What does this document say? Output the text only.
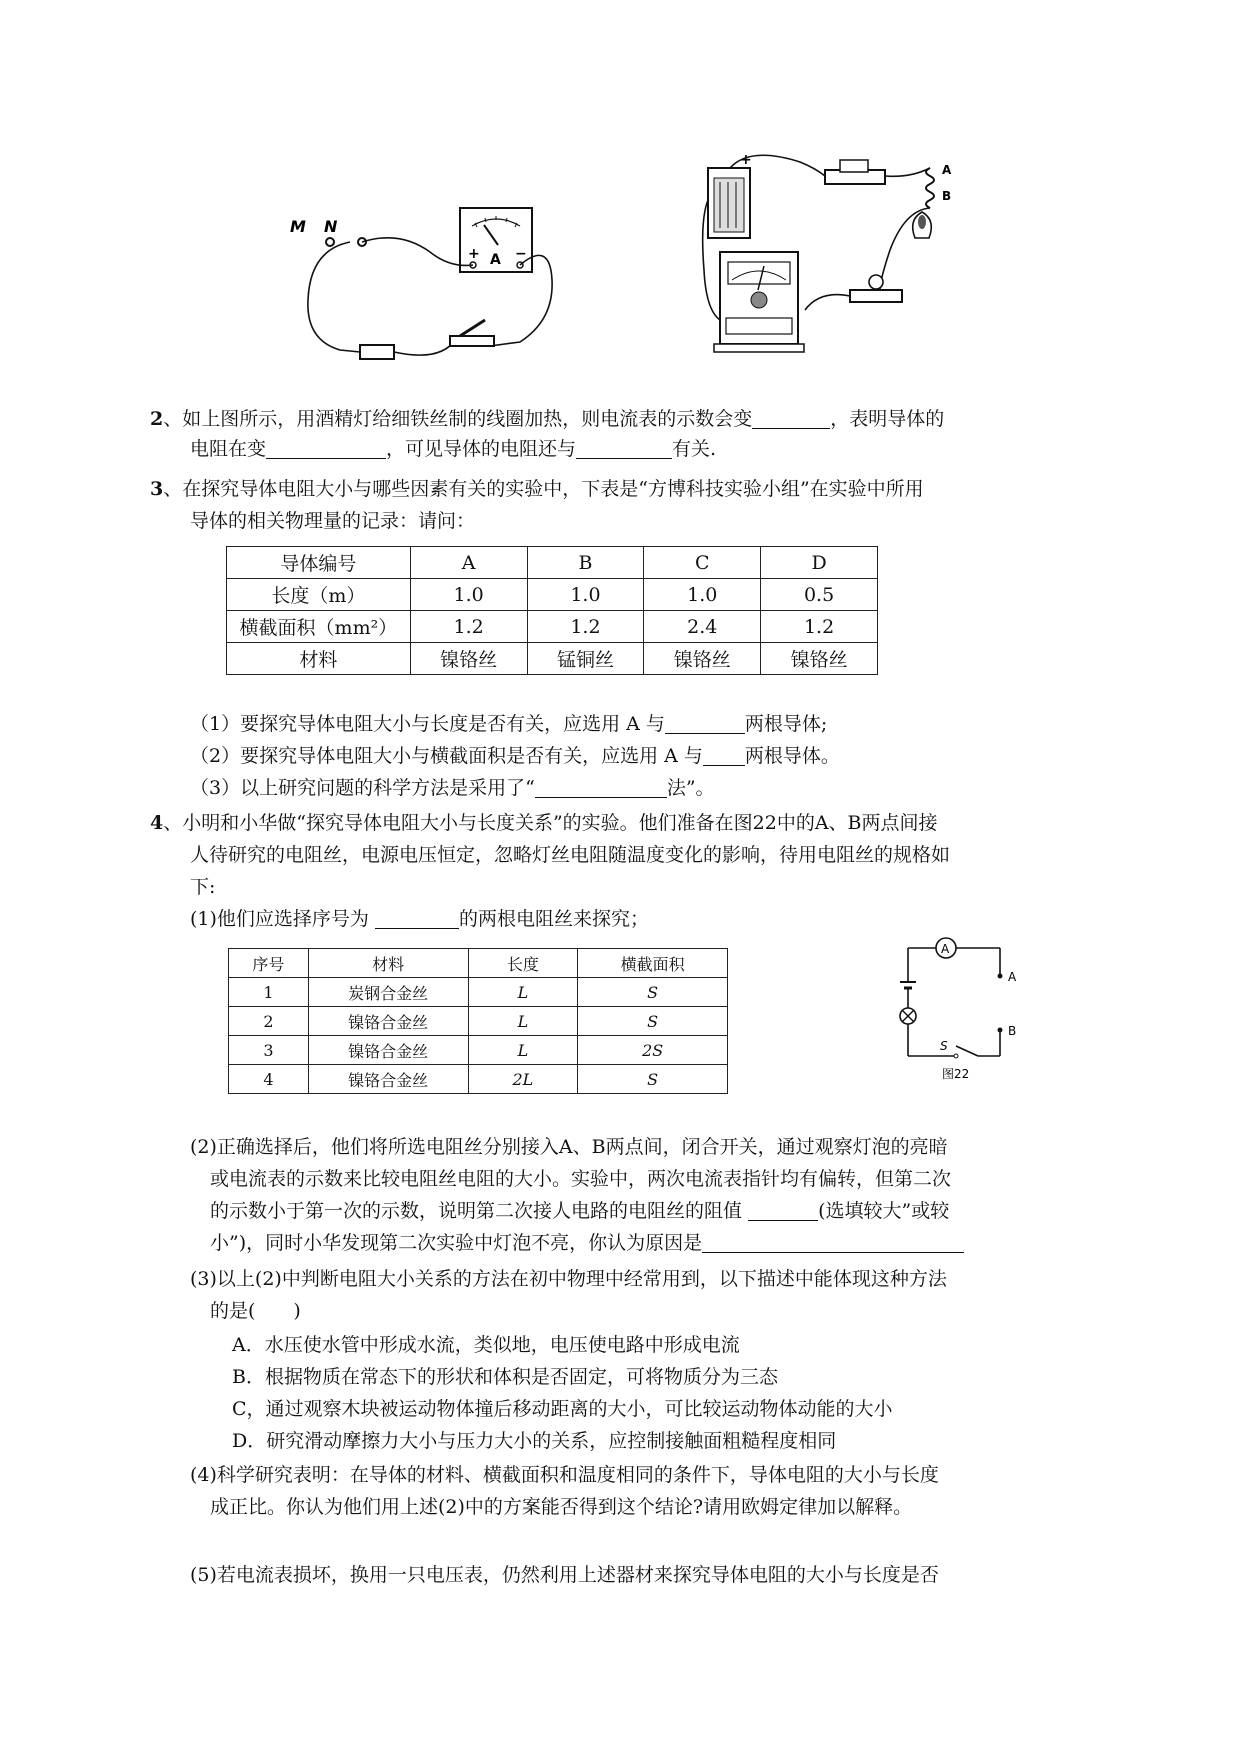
M N
+ A −
+
A
B
2、如上图所示，用酒精灯给细铁丝制的线圈加热，则电流表的示数会变	，表明导体的
电阻在变	，可见导体的电阻还与	有关.
3、在探究导体电阻大小与哪些因素有关的实验中，下表是“方博科技实验小组”在实验中所用
导体的相关物理量的记录：请问：
导体编号	A	B	C	D
长度（m）	1.0	1.0	1.0	0.5
横截面积（mm²）	1.2	1.2	2.4	1.2
材料	镍铬丝	锰铜丝	镍铬丝	镍铬丝
（1）要探究导体电阻大小与长度是否有关，应选用 A 与	两根导体;
（2）要探究导体电阻大小与横截面积是否有关，应选用 A 与 两根导体。
（3）以上研究问题的科学方法是采用了“	法”。
4、小明和小华做“探究导体电阻大小与长度关系”的实验。他们准备在图22中的A、B两点间接
人待研究的电阻丝，电源电压恒定，忽略灯丝电阻随温度变化的影响，待用电阻丝的规格如
下:
(1)他们应选择序号为	的两根电阻丝来探究；
序号	材料	长度	横截面积
1	炭钢合金丝	L	S
2	镍铬合金丝	L	S
3	镍铬合金丝	L	2S
4	镍铬合金丝	2L	S
A
A
B
S
图22
(2)正确选择后，他们将所选电阻丝分别接入A、B两点间，闭合开关，通过观察灯泡的亮暗
或电流表的示数来比较电阻丝电阻的大小。实验中，两次电流表指针均有偏转，但第二次
的示数小于第一次的示数，说明第二次接人电路的电阻丝的阻值	(选填较大”或较
小”)，同时小华发现第二次实验中灯泡不亮，你认为原因是
(3)以上(2)中判断电阻大小关系的方法在初中物理中经常用到，以下描述中能体现这种方法
的是(　　)
A．水压使水管中形成水流，类似地，电压使电路中形成电流
B．根据物质在常态下的形状和体积是否固定，可将物质分为三态
C，通过观察木块被运动物体撞后移动距离的大小，可比较运动物体动能的大小
D．研究滑动摩擦力大小与压力大小的关系，应控制接触面粗糙程度相同
(4)科学研究表明：在导体的材料、横截面积和温度相同的条件下，导体电阻的大小与长度
成正比。你认为他们用上述(2)中的方案能否得到这个结论?请用欧姆定律加以解释。
(5)若电流表损坏，换用一只电压表，仍然利用上述器材来探究导体电阻的大小与长度是否
